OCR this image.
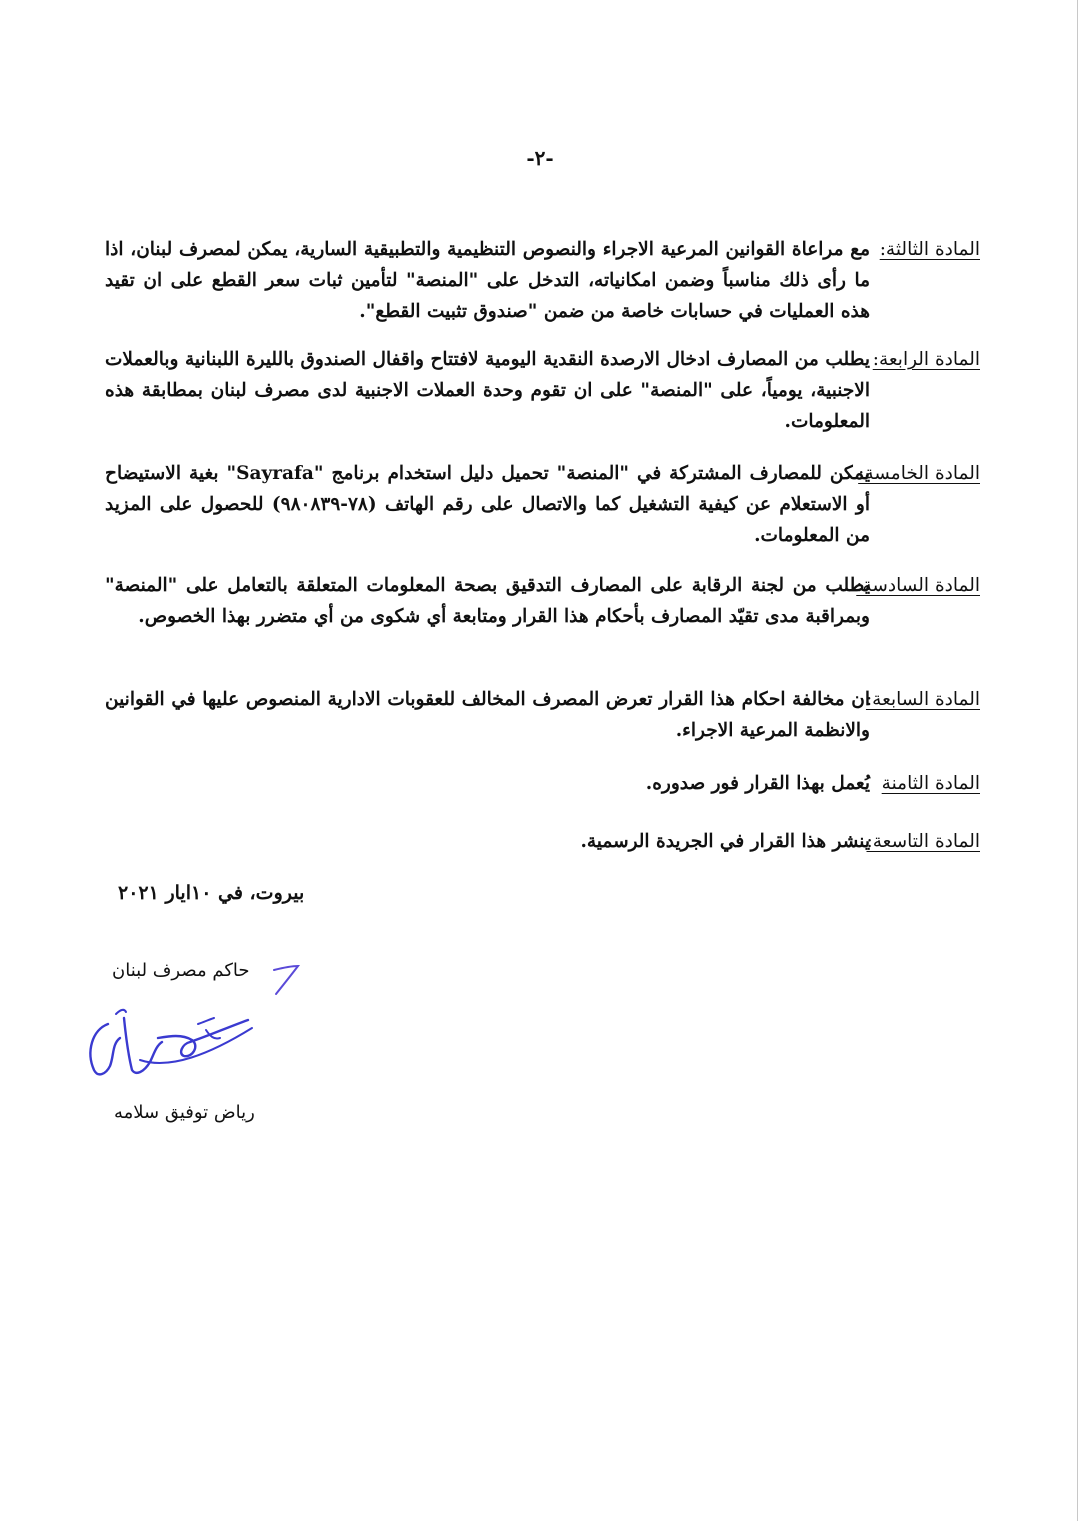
-٢-
المادة الثالثة:
مع مراعاة القوانين المرعية الاجراء والنصوص التنظيمية والتطبيقية السارية، يمكن لمصرف لبنان، اذا ما رأى ذلك مناسباً وضمن امكانياته، التدخل على "المنصة" لتأمين ثبات سعر القطع على ان تقيد هذه العمليات في حسابات خاصة من ضمن "صندوق تثبيت القطع".
المادة الرابعة:
يطلب من المصارف ادخال الارصدة النقدية اليومية لافتتاح واقفال الصندوق بالليرة اللبنانية وبالعملات الاجنبية، يومياً، على "المنصة" على ان تقوم وحدة العملات الاجنبية لدى مصرف لبنان بمطابقة هذه المعلومات.
المادة الخامسة:
يمكن للمصارف المشتركة في "المنصة" تحميل دليل استخدام برنامج "Sayrafa" بغية الاستيضاح أو الاستعلام عن كيفية التشغيل كما والاتصال على رقم الهاتف (٧٨-٩٨٠٨٣٩) للحصول على المزيد من المعلومات.
المادة السادسة:
يطلب من لجنة الرقابة على المصارف التدقيق بصحة المعلومات المتعلقة بالتعامل على "المنصة" وبمراقبة مدى تقيّد المصارف بأحكام هذا القرار ومتابعة أي شكوى من أي متضرر بهذا الخصوص.
المادة السابعة:
ان مخالفة احكام هذا القرار تعرض المصرف المخالف للعقوبات الادارية المنصوص عليها في القوانين والانظمة المرعية الاجراء.
المادة الثامنة
يُعمل بهذا القرار فور صدوره.
المادة التاسعة:
ينشر هذا القرار في الجريدة الرسمية.
بيروت، في ١٠ايار ٢٠٢١
حاكم مصرف لبنان
رياض توفيق سلامه
